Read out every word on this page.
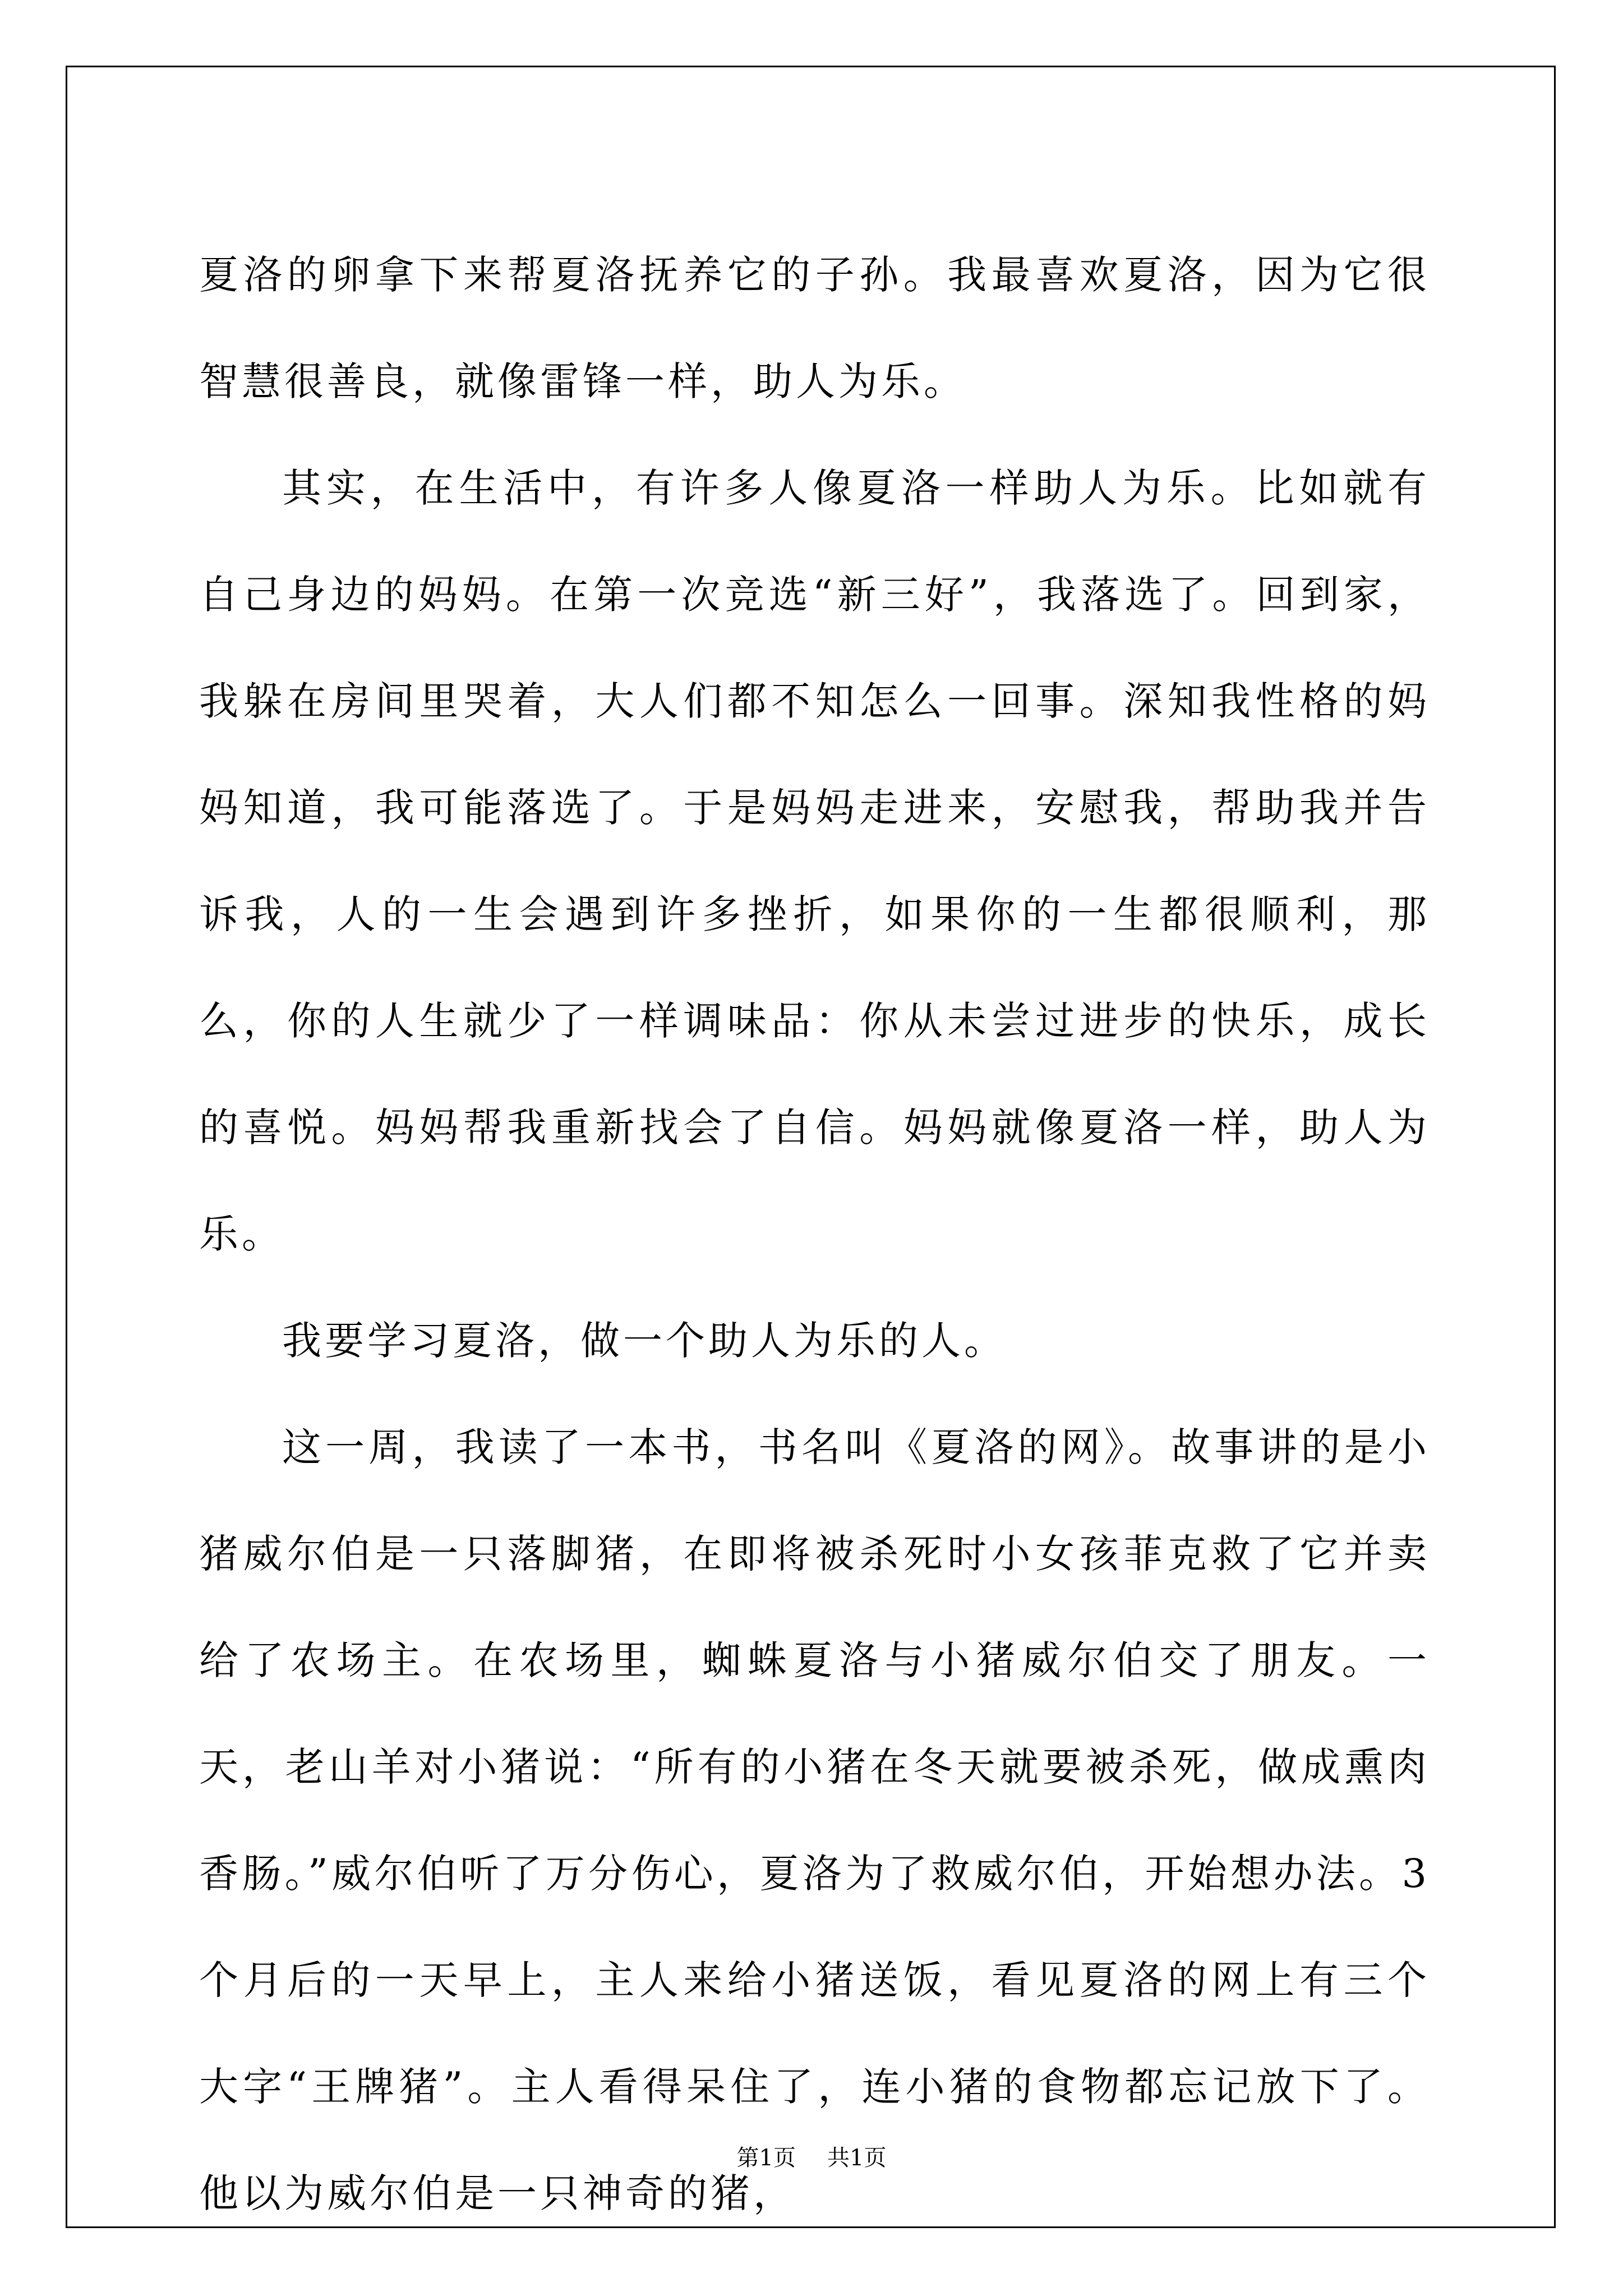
夏洛的卵拿下来帮夏洛抚养它的子孙。我最喜欢夏洛，因为它很智慧很善良，就像雷锋一样，助人为乐。

其实，在生活中，有许多人像夏洛一样助人为乐。比如就有自己身边的妈妈。在第一次竞选“新三好”，我落选了。回到家，我躲在房间里哭着，大人们都不知怎么一回事。深知我性格的妈妈知道，我可能落选了。于是妈妈走进来，安慰我，帮助我并告诉我，人的一生会遇到许多挫折，如果你的一生都很顺利，那么，你的人生就少了一样调味品：你从未尝过进步的快乐，成长的喜悦。妈妈帮我重新找会了自信。妈妈就像夏洛一样，助人为乐。

我要学习夏洛，做一个助人为乐的人。

这一周，我读了一本书，书名叫《夏洛的网》。故事讲的是小猪威尔伯是一只落脚猪，在即将被杀死时小女孩菲克救了它并卖给了农场主。在农场里，蜘蛛夏洛与小猪威尔伯交了朋友。一天，老山羊对小猪说：“所有的小猪在冬天就要被杀死，做成熏肉香肠。”威尔伯听了万分伤心，夏洛为了救威尔伯，开始想办法。3个月后的一天早上，主人来给小猪送饭，看见夏洛的网上有三个大字“王牌猪”。主人看得呆住了，连小猪的食物都忘记放下了。他以为威尔伯是一只神奇的猪，

第1页 共1页
